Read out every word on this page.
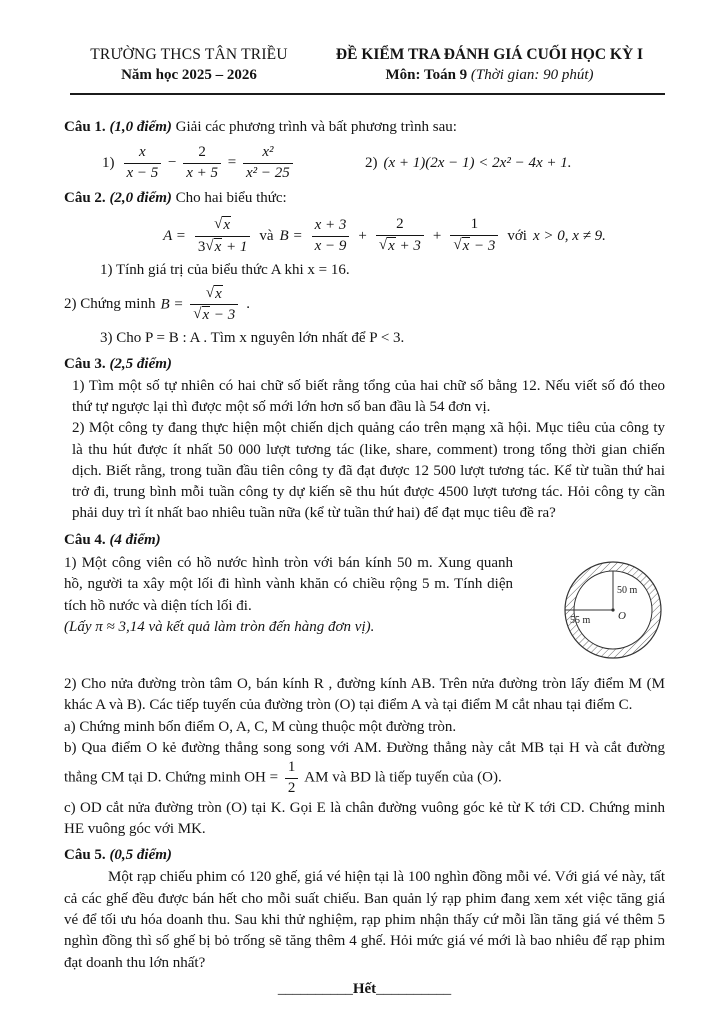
TRƯỜNG THCS TÂN TRIỀU
Năm học 2025 – 2026
ĐỀ KIỂM TRA ĐÁNH GIÁ CUỐI HỌC KỲ I
Môn: Toán 9 (Thời gian: 90 phút)

Câu 1. (1,0 điểm) Giải các phương trình và bất phương trình sau:

$1) \frac{x}{x - 5} - \frac{2}{x + 5} = \frac{\text{x²}}{\text{x² − 25}}$	2) (x + 1)(2x − 1) < 2x² − 4x + 1.

Câu 2. (2,0 điểm) Cho hai biểu thức:

$A = \frac{√x}{3√x + 1}$ và $B = \frac{x + 3}{x - 9} + \frac{2}{√x + 3} + \frac{1}{√x - 3}$ với x > 0, x ≠ 9.

1) Tính giá trị của biểu thức A khi x = 16.

2) Chứng minh $B = \frac{√x}{√x - 3}$ .

3) Cho P = B : A . Tìm x nguyên lớn nhất để P < 3.

Câu 3. (2,5 điểm)

1) Tìm một số tự nhiên có hai chữ số biết rằng tổng của hai chữ số bằng 12. Nếu viết số đó theo thứ tự ngược lại thì được một số mới lớn hơn số ban đầu là 54 đơn vị.

2) Một công ty đang thực hiện một chiến dịch quảng cáo trên mạng xã hội. Mục tiêu của công ty là thu hút được ít nhất 50 000 lượt tương tác (like, share, comment) trong tổng thời gian chiến dịch. Biết rằng, trong tuần đầu tiên công ty đã đạt được 12 500 lượt tương tác. Kể từ tuần thứ hai trở đi, trung bình mỗi tuần công ty dự kiến sẽ thu hút được 4500 lượt tương tác. Hỏi công ty cần phải duy trì ít nhất bao nhiêu tuần nữa (kể từ tuần thứ hai) để đạt mục tiêu đề ra?

Câu 4. (4 điểm)

1) Một công viên có hồ nước hình tròn với bán kính 50 m. Xung quanh hồ, người ta xây một lối đi hình vành khăn có chiều rộng 5 m. Tính diện tích hồ nước và diện tích lối đi.

(Lấy π ≈ 3,14 và kết quả làm tròn đến hàng đơn vị).

50 m
55 m	O

2) Cho nửa đường tròn tâm O, bán kính R , đường kính AB. Trên nửa đường tròn lấy điểm M (M khác A và B). Các tiếp tuyến của đường tròn (O) tại điểm A và tại điểm M cắt nhau tại điểm C.

a) Chứng minh bốn điểm O, A, C, M cùng thuộc một đường tròn.

b) Qua điểm O kẻ đường thẳng song song với AM. Đường thẳng này cắt MB tại H và cắt đường thẳng CM tại D. Chứng minh OH = $\frac{1}{2}$ AM và BD là tiếp tuyến của (O).

c) OD cắt nửa đường tròn (O) tại K. Gọi E là chân đường vuông góc kẻ từ K tới CD. Chứng minh HE vuông góc với MK.

Câu 5. (0,5 điểm)

Một rạp chiếu phim có 120 ghế, giá vé hiện tại là 100 nghìn đồng mỗi vé. Với giá vé này, tất cả các ghế đều được bán hết cho mỗi suất chiếu. Ban quản lý rạp phim đang xem xét việc tăng giá vé để tối ưu hóa doanh thu. Sau khi thử nghiệm, rạp phim nhận thấy cứ mỗi lần tăng giá vé thêm 5 nghìn đồng thì số ghế bị bỏ trống sẽ tăng thêm 4 ghế. Hỏi mức giá vé mới là bao nhiêu để rạp phim đạt doanh thu lớn nhất?

__________Hết__________
